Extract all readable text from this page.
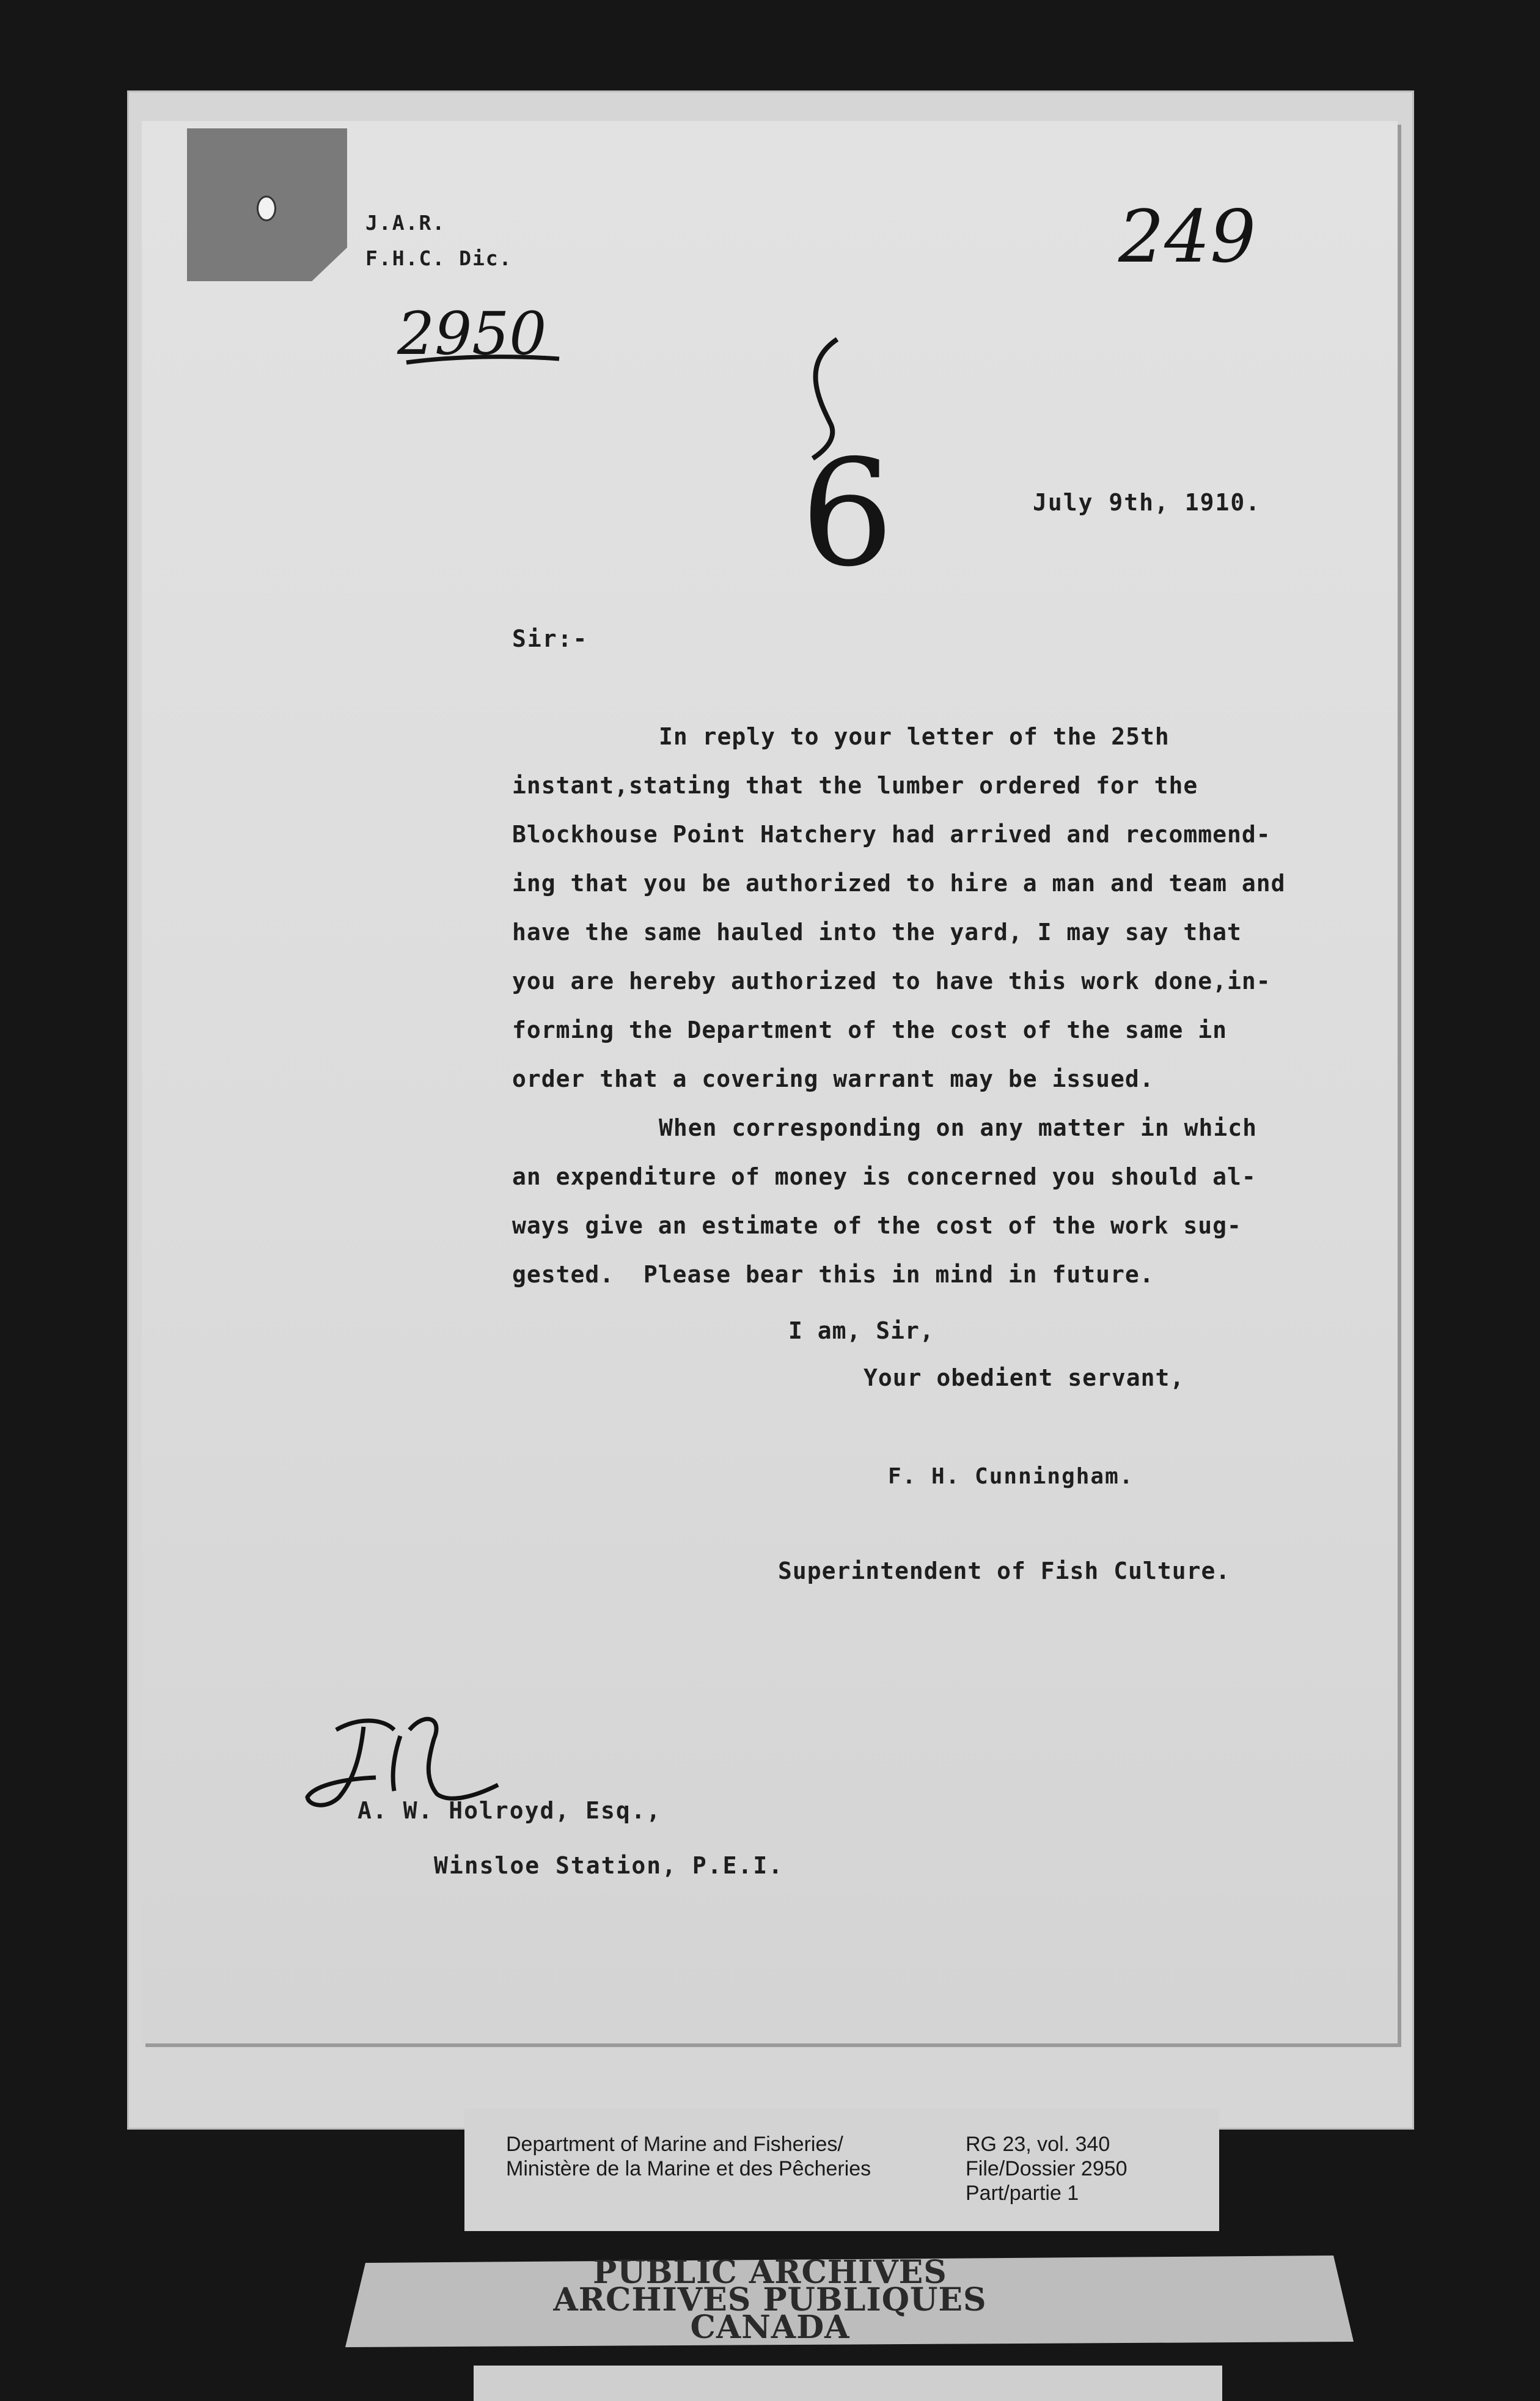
J.A.R.
F.H.C. Dic.
2950
249
6	July 9th, 1910.
Sir:-
In reply to your letter of the 25th
instant,stating that the lumber ordered for the
Blockhouse Point Hatchery had arrived and recommend-
ing that you be authorized to hire a man and team and
have the same hauled into the yard, I may say that
you are hereby authorized to have this work done,in-
forming the Department of the cost of the same in
order that a covering warrant may be issued.
When corresponding on any matter in which
an expenditure of money is concerned you should al-
ways give an estimate of the cost of the work sug-
gested.  Please bear this in mind in future.
I am, Sir,
Your obedient servant,
F. H. Cunningham.
Superintendent of Fish Culture.
A. W. Holroyd, Esq.,
Winsloe Station, P.E.I.
Department of Marine and Fisheries/
Ministère de la Marine et des Pêcheries
RG 23, vol. 340
File/Dossier 2950
Part/partie 1
PUBLIC ARCHIVES
ARCHIVES PUBLIQUES
CANADA
